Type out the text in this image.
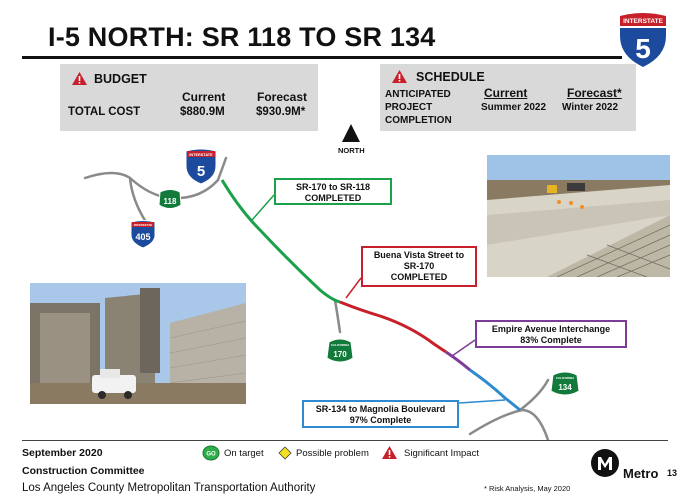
I-5 NORTH: SR 118 TO SR 134
INTERSTATE
5
BUDGET
TOTAL COST
Current	Forecast
$880.9M	$930.9M*
SCHEDULE
ANTICIPATED
PROJECT
COMPLETION
Current	Forecast*
Summer 2022 Winter 2022
NORTH
INTERSTATE
5
118
INTERSTATE
405
CALIFORNIA
170
CALIFORNIA
134
SR-170 to SR-118
COMPLETED
Buena Vista Street to
SR-170
COMPLETED
Empire Avenue Interchange
83% Complete
SR-134 to Magnolia Boulevard
97% Complete
September 2020
Construction Committee
Los Angeles County Metropolitan Transportation Authority
GO On target	Possible problem	Significant Impact
* Risk Analysis, May 2020
Metro 13
